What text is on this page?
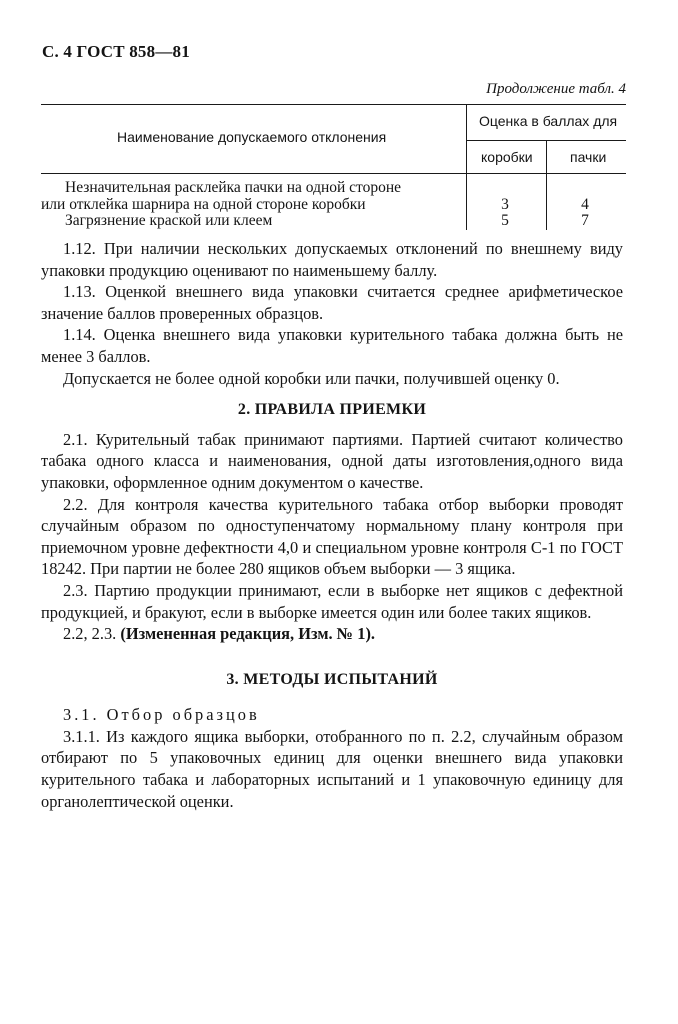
С. 4 ГОСТ 858—81
Продолжение табл. 4
Наименование допускаемого отклонения
Оценка в баллах для
коробки	пачки
Незначительная расклейка пачки на одной стороне
или отклейка шарнира на одной стороне коробки	3	4
Загрязнение краской или клеем	5	7

1.12. При наличии нескольких допускаемых отклонений по внешнему виду упаковки продукцию оценивают по наименьшему баллу.

1.13. Оценкой внешнего вида упаковки считается среднее арифметическое значение баллов проверенных образцов.

1.14. Оценка внешнего вида упаковки курительного табака должна быть не менее 3 баллов.

Допускается не более одной коробки или пачки, получившей оценку 0.

2. ПРАВИЛА ПРИЕМКИ

2.1. Курительный табак принимают партиями. Партией считают количество табака одного класса и наименования, одной даты изготовления,одного вида упаковки, оформленное одним документом о качестве.

2.2. Для контроля качества курительного табака отбор выборки проводят случайным образом по одноступенчатому нормальному плану контроля при приемочном уровне дефектности 4,0 и специальном уровне контроля С-1 по ГОСТ 18242. При партии не более 280 ящиков объем выборки — 3 ящика.

2.3. Партию продукции принимают, если в выборке нет ящиков с дефектной продукцией, и бракуют, если в выборке имеется один или более таких ящиков.

2.2, 2.3. (Измененная редакция, Изм. № 1).

3. МЕТОДЫ ИСПЫТАНИЙ

3.1. Отбор образцов

3.1.1. Из каждого ящика выборки, отобранного по п. 2.2, случайным образом отбирают по 5 упаковочных единиц для оценки внешнего вида упаковки курительного табака и лабораторных испытаний и 1 упаковочную единицу для органолептической оценки.
